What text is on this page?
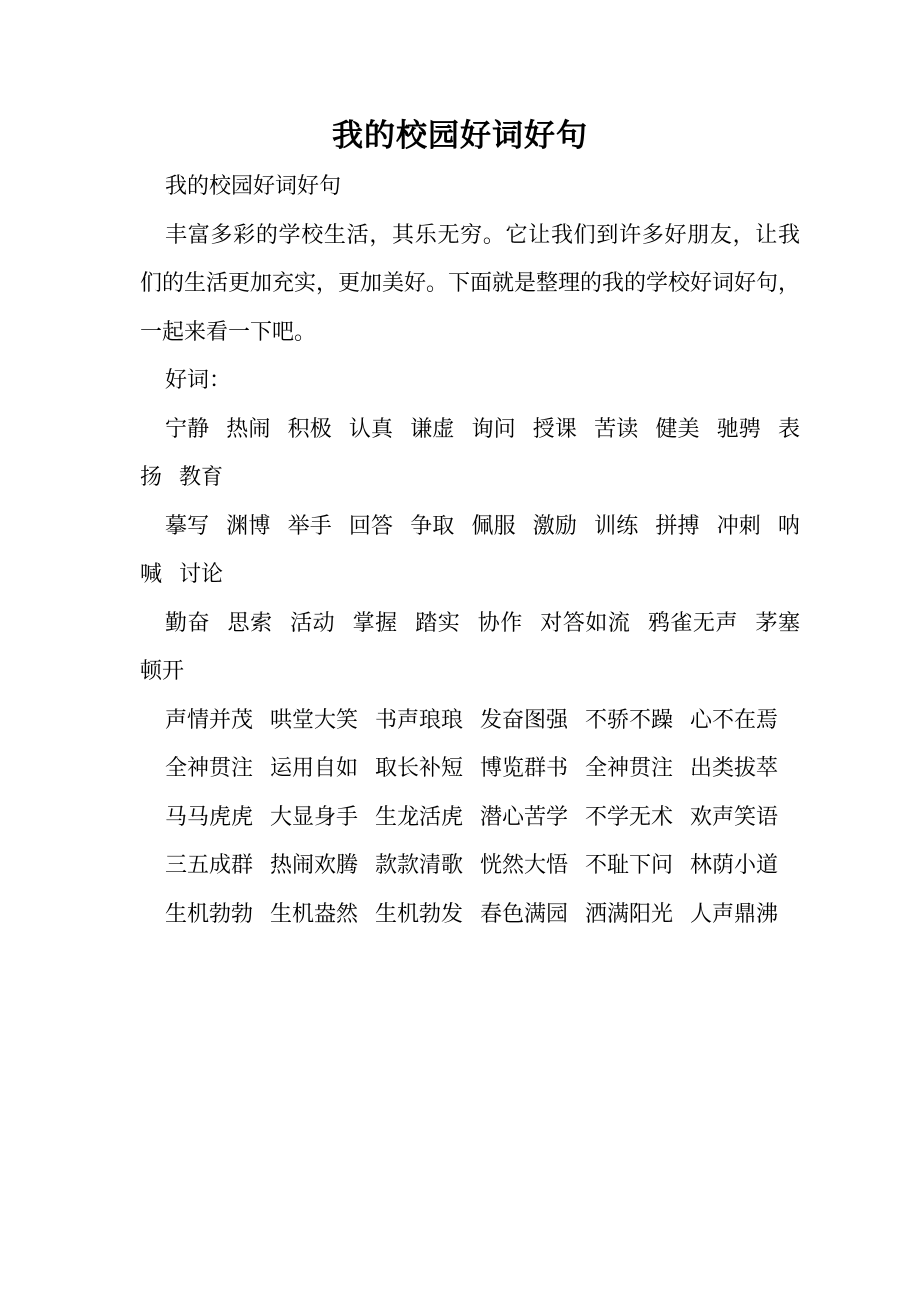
我的校园好词好句

我的校园好词好句

丰富多彩的学校生活，其乐无穷。它让我们到许多好朋友，让我们的生活更加充实，更加美好。下面就是整理的我的学校好词好句，一起来看一下吧。

好词：

宁静 热闹 积极 认真 谦虚 询问 授课 苦读 健美 驰骋 表扬 教育

摹写 渊博 举手 回答 争取 佩服 激励 训练 拼搏 冲刺 呐喊 讨论

勤奋 思索 活动 掌握 踏实 协作 对答如流 鸦雀无声 茅塞顿开

声情并茂 哄堂大笑 书声琅琅 发奋图强 不骄不躁 心不在焉

全神贯注 运用自如 取长补短 博览群书 全神贯注 出类拔萃

马马虎虎 大显身手 生龙活虎 潜心苦学 不学无术 欢声笑语

三五成群 热闹欢腾 款款清歌 恍然大悟 不耻下问 林荫小道

生机勃勃 生机盎然 生机勃发 春色满园 洒满阳光 人声鼎沸
